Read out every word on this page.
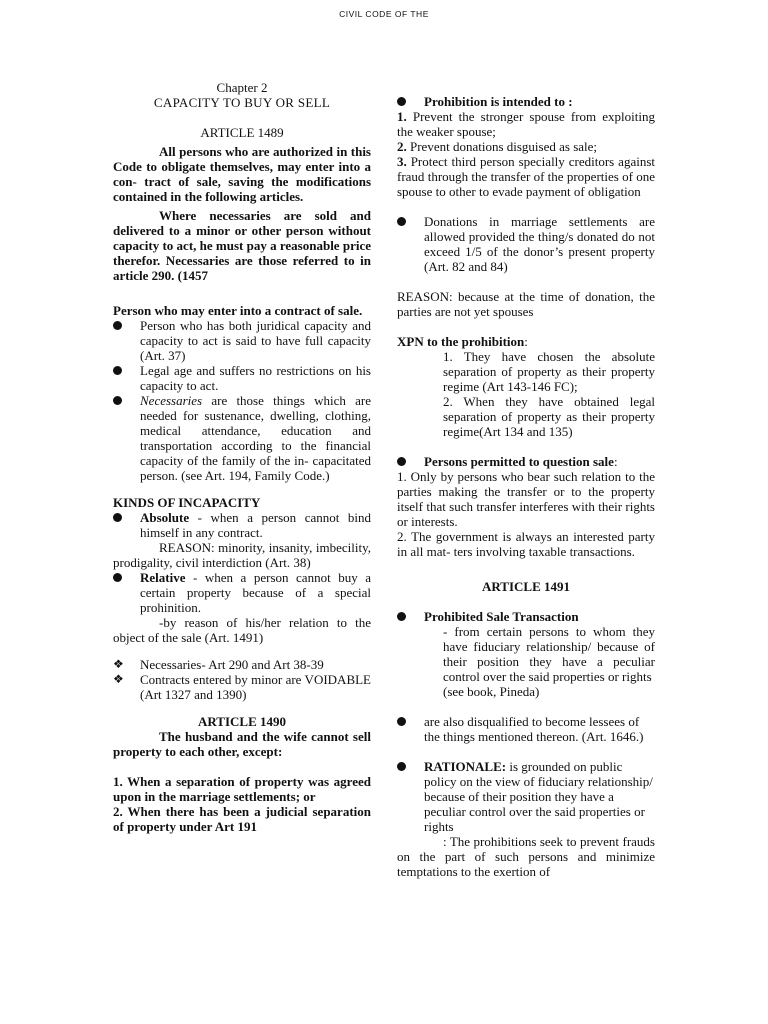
CIVIL CODE OF THE
Chapter 2
CAPACITY TO BUY OR SELL
ARTICLE 1489
All persons who are authorized in this Code to obligate themselves, may enter into a con- tract of sale, saving the modifications contained in the following articles.
Where necessaries are sold and delivered to a minor or other person without capacity to act, he must pay a reasonable price therefor. Necessaries are those referred to in article 290. (1457
Person who may enter into a contract of sale.
Person who has both juridical capacity and capacity to act is said to have full capacity (Art. 37)
Legal age and suffers no restrictions on his capacity to act.
Necessaries are those things which are needed for sustenance, dwelling, clothing, medical attendance, education and transportation according to the financial capacity of the family of the in- capacitated person. (see Art. 194, Family Code.)
KINDS OF INCAPACITY
Absolute - when a person cannot bind himself in any contract.
REASON: minority, insanity, imbecility, prodigality, civil interdiction (Art. 38)
Relative - when a person cannot buy a certain property because of a special prohinition.
-by reason of his/her relation to the object of the sale (Art. 1491)
❖	Necessaries- Art 290 and Art 38-39
❖	Contracts entered by minor are VOIDABLE (Art 1327 and 1390)
ARTICLE 1490
The husband and the wife cannot sell property to each other, except:
1. When a separation of property was agreed upon in the marriage settlements; or
2. When there has been a judicial separation of property under Art 191
Prohibition is intended to :
1. Prevent the stronger spouse from exploiting the weaker spouse;
2. Prevent donations disguised as sale;
3. Protect third person specially creditors against fraud through the transfer of the properties of one spouse to other to evade payment of obligation
Donations in marriage settlements are allowed provided the thing/s donated do not exceed 1/5 of the donor’s present property (Art. 82 and 84)
REASON: because at the time of donation, the parties are not yet spouses
XPN to the prohibition:
1. They have chosen the absolute separation of property as their property regime (Art 143-146 FC);
2. When they have obtained legal separation of property as their property regime(Art 134 and 135)
Persons permitted to question sale:
1. Only by persons who bear such relation to the parties making the transfer or to the property itself that such transfer interferes with their rights or interests.
2. The government is always an interested party in all mat- ters involving taxable transactions.
ARTICLE 1491
Prohibited Sale Transaction
- from certain persons to whom they have fiduciary relationship/ because of their position they have a peculiar control over the said properties or rights
(see book, Pineda)
are also disqualified to become lessees of the things mentioned thereon. (Art. 1646.)
RATIONALE: is grounded on public policy on the view of fiduciary relationship/ because of their position they have a peculiar control over the said properties or rights
: The prohibitions seek to prevent frauds on the part of such persons and minimize temptations to the exertion of
